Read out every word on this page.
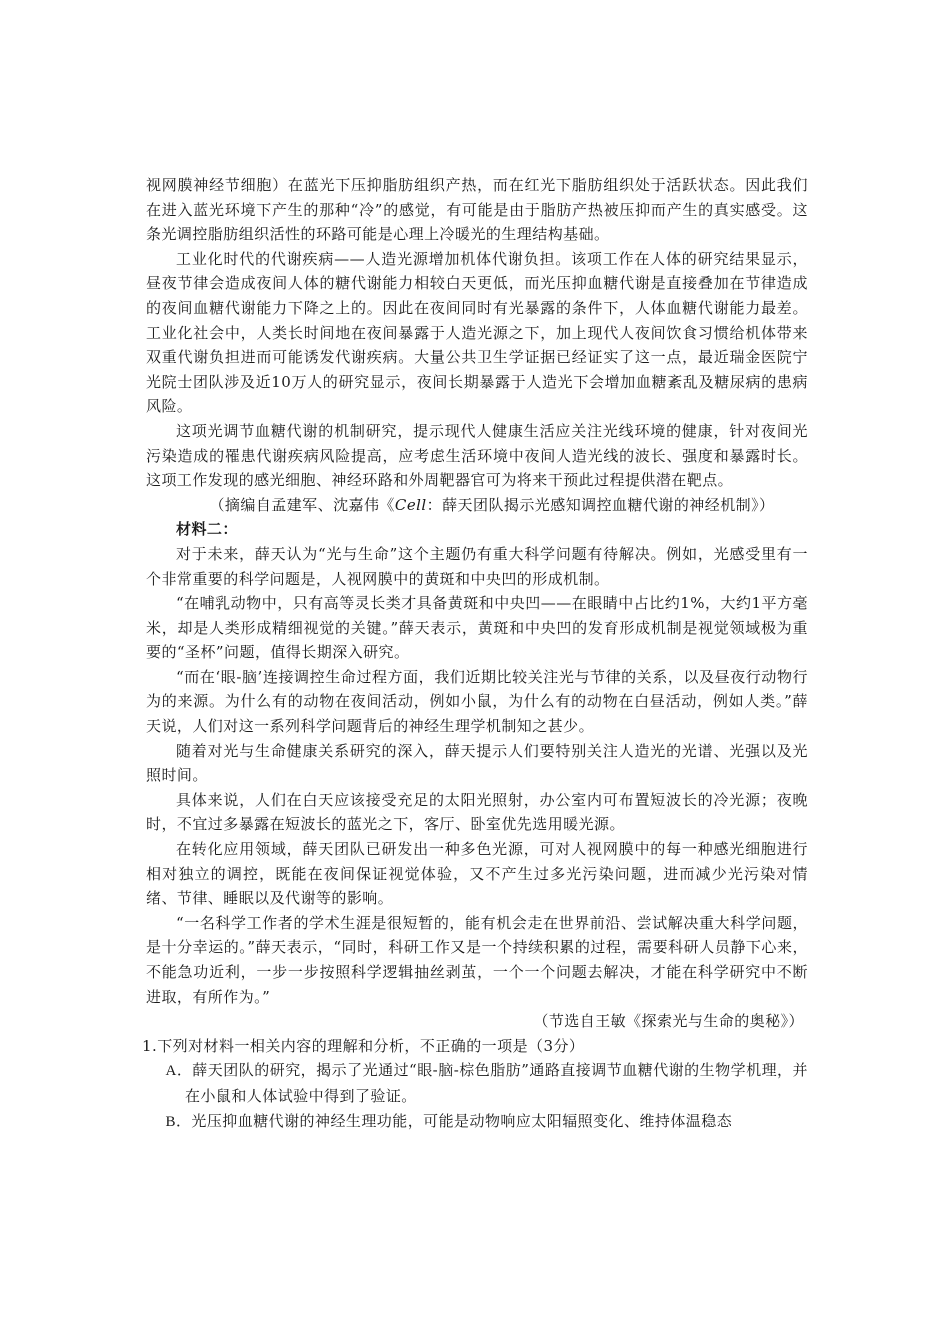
视网膜神经节细胞）在蓝光下压抑脂肪组织产热，而在红光下脂肪组织处于活跃状态。因此我们在进入蓝光环境下产生的那种“冷”的感觉，有可能是由于脂肪产热被压抑而产生的真实感受。这条光调控脂肪组织活性的环路可能是心理上冷暖光的生理结构基础。

工业化时代的代谢疾病——人造光源增加机体代谢负担。该项工作在人体的研究结果显示，昼夜节律会造成夜间人体的糖代谢能力相较白天更低，而光压抑血糖代谢是直接叠加在节律造成的夜间血糖代谢能力下降之上的。因此在夜间同时有光暴露的条件下，人体血糖代谢能力最差。工业化社会中，人类长时间地在夜间暴露于人造光源之下，加上现代人夜间饮食习惯给机体带来双重代谢负担进而可能诱发代谢疾病。大量公共卫生学证据已经证实了这一点，最近瑞金医院宁光院士团队涉及近10万人的研究显示，夜间长期暴露于人造光下会增加血糖紊乱及糖尿病的患病风险。

这项光调节血糖代谢的机制研究，提示现代人健康生活应关注光线环境的健康，针对夜间光污染造成的罹患代谢疾病风险提高，应考虑生活环境中夜间人造光线的波长、强度和暴露时长。这项工作发现的感光细胞、神经环路和外周靶器官可为将来干预此过程提供潜在靶点。

（摘编自孟建军、沈嘉伟《Cell：薛天团队揭示光感知调控血糖代谢的神经机制》）

材料二：

对于未来，薛天认为“光与生命”这个主题仍有重大科学问题有待解决。例如，光感受里有一个非常重要的科学问题是，人视网膜中的黄斑和中央凹的形成机制。

“在哺乳动物中，只有高等灵长类才具备黄斑和中央凹——在眼睛中占比约1%，大约1平方毫米，却是人类形成精细视觉的关键。”薛天表示，黄斑和中央凹的发育形成机制是视觉领域极为重要的“圣杯”问题，值得长期深入研究。

“而在‘眼-脑’连接调控生命过程方面，我们近期比较关注光与节律的关系，以及昼夜行动物行为的来源。为什么有的动物在夜间活动，例如小鼠，为什么有的动物在白昼活动，例如人类。”薛天说，人们对这一系列科学问题背后的神经生理学机制知之甚少。

随着对光与生命健康关系研究的深入，薛天提示人们要特别关注人造光的光谱、光强以及光照时间。

具体来说，人们在白天应该接受充足的太阳光照射，办公室内可布置短波长的冷光源；夜晚时，不宜过多暴露在短波长的蓝光之下，客厅、卧室优先选用暖光源。

在转化应用领域，薛天团队已研发出一种多色光源，可对人视网膜中的每一种感光细胞进行相对独立的调控，既能在夜间保证视觉体验，又不产生过多光污染问题，进而减少光污染对情绪、节律、睡眠以及代谢等的影响。

“一名科学工作者的学术生涯是很短暂的，能有机会走在世界前沿、尝试解决重大科学问题，是十分幸运的。”薛天表示，“同时，科研工作又是一个持续积累的过程，需要科研人员静下心来，不能急功近利，一步一步按照科学逻辑抽丝剥茧，一个一个问题去解决，才能在科学研究中不断进取，有所作为。”

（节选自王敏《探索光与生命的奥秘》）

1.下列对材料一相关内容的理解和分析，不正确的一项是（3分）

A．薛天团队的研究，揭示了光通过“眼-脑-棕色脂肪”通路直接调节血糖代谢的生物学机理，并在小鼠和人体试验中得到了验证。

B．光压抑血糖代谢的神经生理功能，可能是动物响应太阳辐照变化、维持体温稳态
